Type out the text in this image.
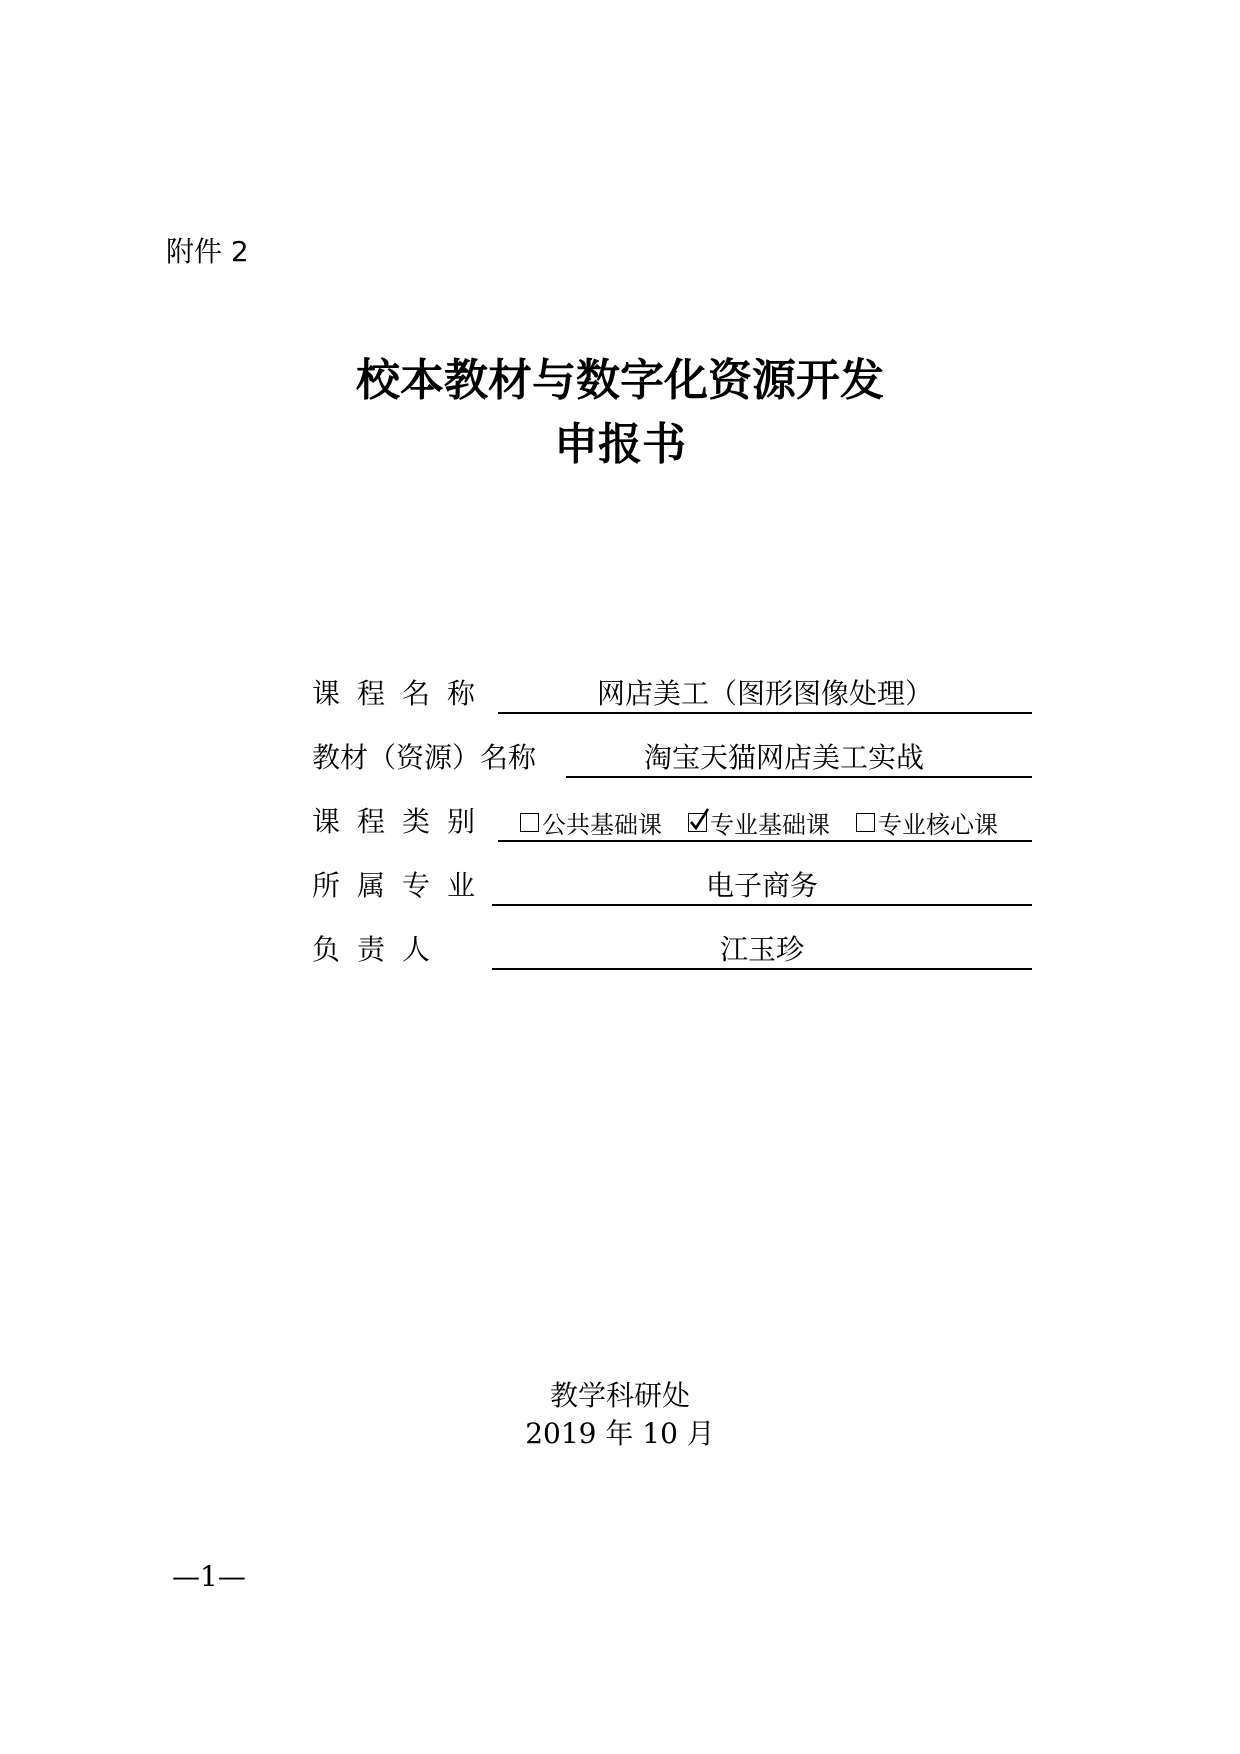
附件 2
校本教材与数字化资源开发
申报书
课程名称	网店美工（图形图像处理）
教材（资源）名称	淘宝天猫网店美工实战
课程类别 公共基础课 专业基础课 专业核心课
所属专业	电子商务
负责人	江玉珍
教学科研处
2019 年 10 月
—1—
